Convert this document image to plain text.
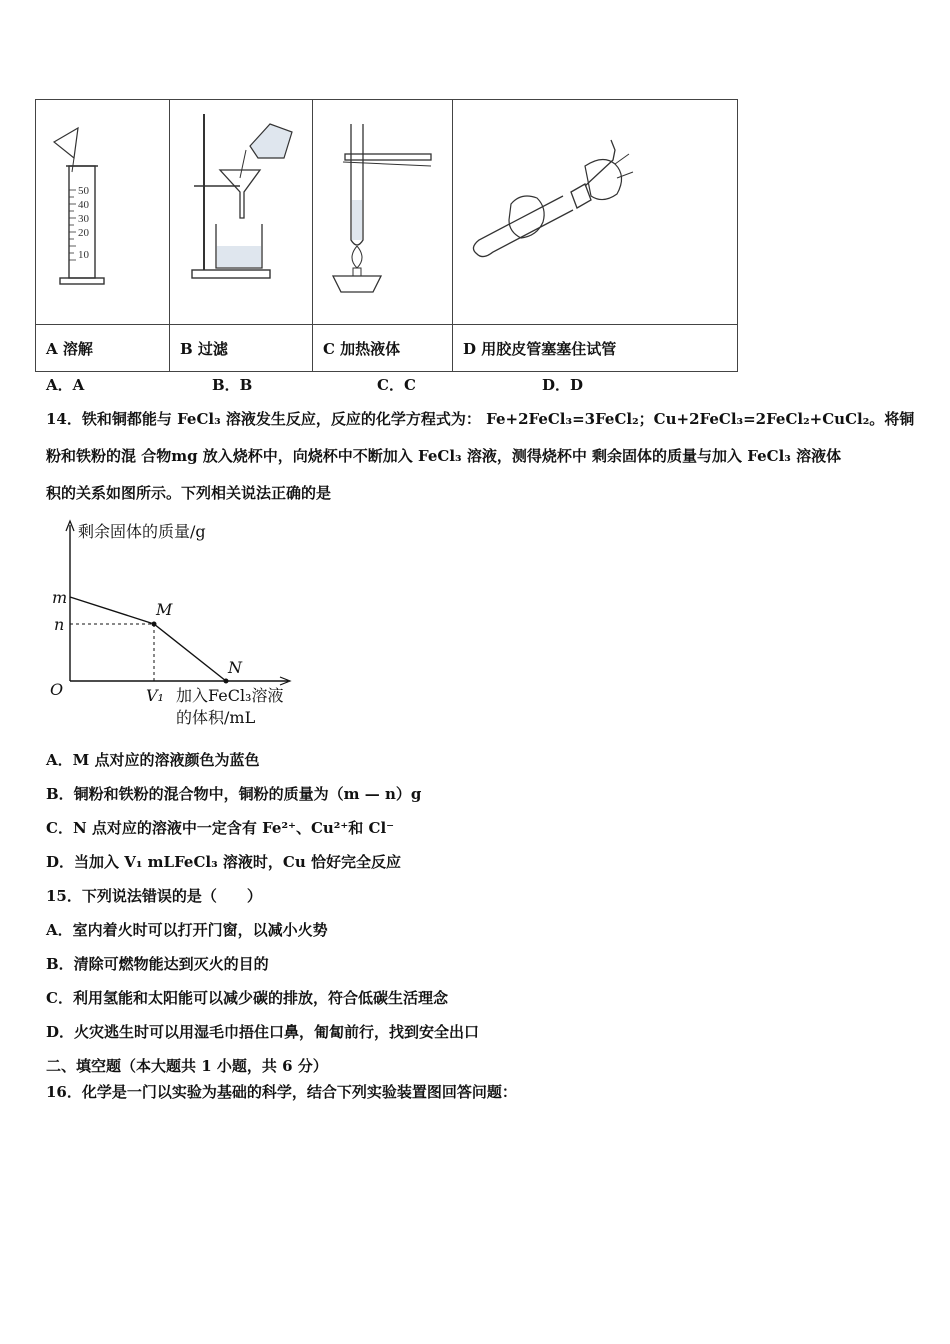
50
40
30
20
10

A 溶解	B 过滤	C 加热液体	D 用胶皮管塞塞住试管
A．A	B．B	C．C	D．D
14．铁和铜都能与 FeCl₃ 溶液发生反应，反应的化学方程式为： Fe+2FeCl₃=3FeCl₂；Cu+2FeCl₃=2FeCl₂+CuCl₂。将铜
粉和铁粉的混 合物mg 放入烧杯中，向烧杯中不断加入 FeCl₃ 溶液，测得烧杯中 剩余固体的质量与加入 FeCl₃ 溶液体
积的关系如图所示。下列相关说法正确的是
剩余固体的质量/g
m
n
O
M
N
V₁ 加入FeCl₃溶液
的体积/mL
A．M 点对应的溶液颜色为蓝色
B．铜粉和铁粉的混合物中，铜粉的质量为（m — n）g
C．N 点对应的溶液中一定含有 Fe²⁺、Cu²⁺和 Cl⁻
D．当加入 V₁ mLFeCl₃ 溶液时，Cu 恰好完全反应
15．下列说法错误的是（　　）
A．室内着火时可以打开门窗，以减小火势
B．清除可燃物能达到灭火的目的
C．利用氢能和太阳能可以减少碳的排放，符合低碳生活理念
D．火灾逃生时可以用湿毛巾捂住口鼻，匍匐前行，找到安全出口
二、填空题（本大题共 1 小题，共 6 分）
16．化学是一门以实验为基础的科学，结合下列实验装置图回答问题：
